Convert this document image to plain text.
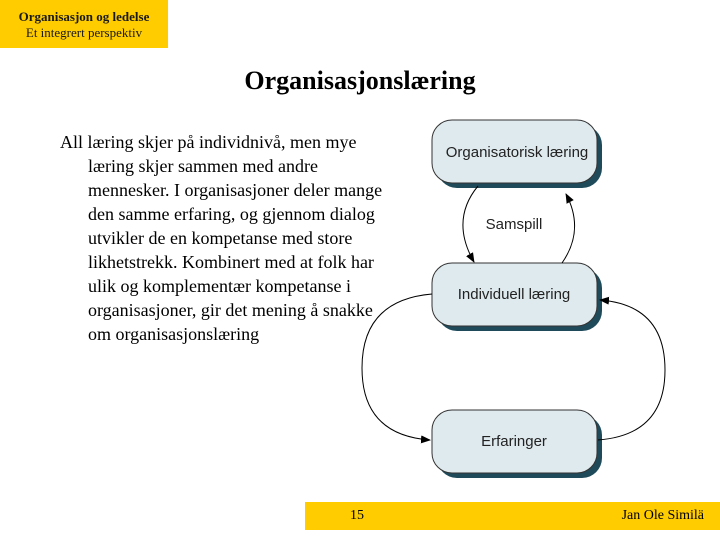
Organisasjon og ledelse
Et integrert perspektiv
Organisasjonslæring
All læring skjer på individnivå, men mye læring skjer sammen med andre mennesker. I organisasjoner deler mange den samme erfaring, og gjennom dialog utvikler de en kompetanse med store likhetstrekk. Kombinert med at folk har ulik og komplementær kompetanse i organisasjoner, gir det mening å snakke om organisasjonslæring
Organisatorisk læring
Individuell læring
Erfaringer
Samspill
15	Jan Ole Similä
